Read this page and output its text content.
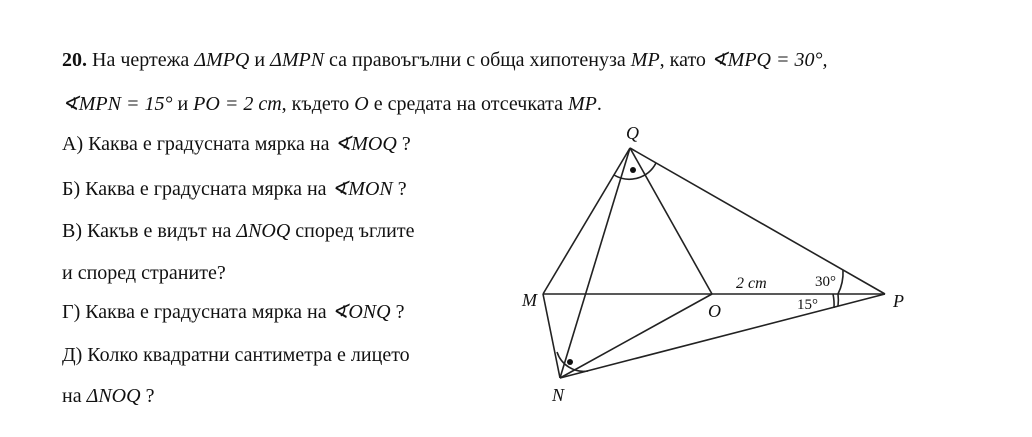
20. На чертежа ΔMPQ и ΔMPN са правоъгълни с обща хипотенуза MP, като ∢MPQ = 30°,
∢MPN = 15° и PO = 2 cm, където O е средата на отсечката MP.
А) Каква е градусната мярка на ∢MOQ ?
Б) Каква е градусната мярка на ∢MON ?
В) Какъв е видът на ΔNOQ според ъглите
и според страните?
Г) Каква е градусната мярка на ∢ONQ ?
Д) Колко квадратни сантиметра е лицето
на ΔNOQ ?
Q
M
O	P
N
2 cm	30°
15°
